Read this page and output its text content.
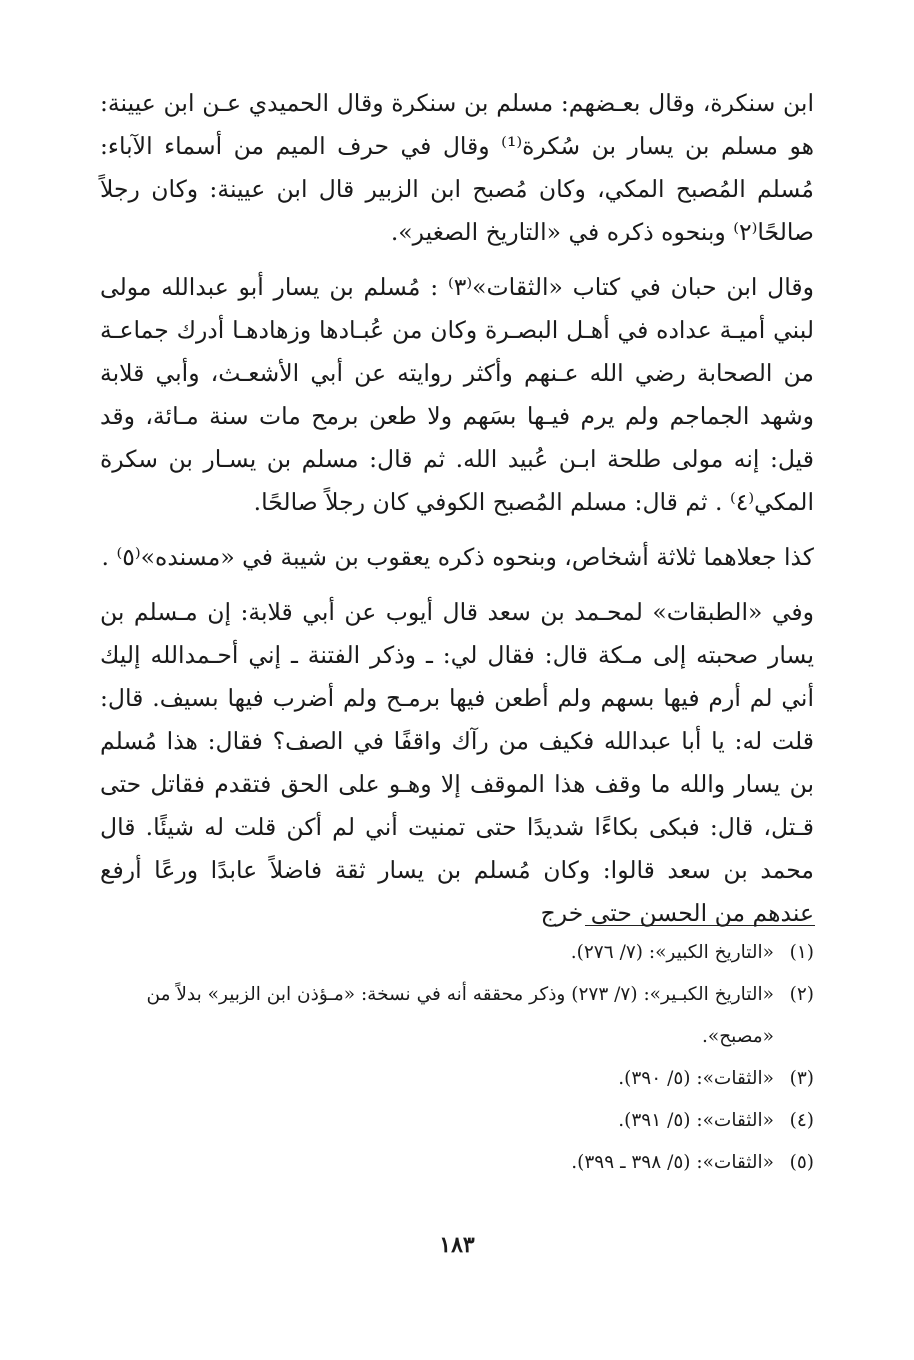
ابن سنكرة، وقال بعـضهم: مسلم بن سنكرة وقال الحميدي عـن ابن عيينة: هو مسلم بن يسار بن سُكرة⁽¹⁾ وقال في حرف الميم من أسماء الآباء: مُسلم المُصبح المكي، وكان مُصبح ابن الزبير قال ابن عيينة: وكان رجلاً صالحًا⁽٢⁾ وبنحوه ذكره في «التاريخ الصغير».

وقال ابن حبان في كتاب «الثقات»⁽٣⁾ : مُسلم بن يسار أبو عبدالله مولى لبني أميـة عداده في أهـل البصـرة وكان من عُبـادها وزهادهـا أدرك جماعـة من الصحابة رضي الله عـنهم وأكثر روايته عن أبي الأشعـث، وأبي قلابة وشهد الجماجم ولم يرم فيـها بسَهم ولا طعن برمح مات سنة مـائة، وقد قيل: إنه مولى طلحة ابـن عُبيد الله. ثم قال: مسلم بن يسـار بن سكرة المكي⁽٤⁾ . ثم قال: مسلم المُصبح الكوفي كان رجلاً صالحًا.

كذا جعلاهما ثلاثة أشخاص، وبنحوه ذكره يعقوب بن شيبة في «مسنده»⁽٥⁾ .

وفي «الطبقات» لمحـمد بن سعد قال أيوب عن أبي قلابة: إن مـسلم بن يسار صحبته إلى مـكة قال: فقال لي: ـ وذكر الفتنة ـ إني أحـمدالله إليك أني لم أرم فيها بسهم ولم أطعن فيها برمـح ولم أضرب فيها بسيف. قال: قلت له: يا أبا عبدالله فكيف من رآك واقفًا في الصف؟ فقال: هذا مُسلم بن يسار والله ما وقف هذا الموقف إلا وهـو على الحق فتقدم فقاتل حتى قـتل، قال: فبكى بكاءًا شديدًا حتى تمنيت أني لم أكن قلت له شيئًا. قال محمد بن سعد قالوا: وكان مُسلم بن يسار ثقة فاضلاً عابدًا ورعًا أرفع عندهم من الحسن حتى خرج

(١)
«التاريخ الكبير»: (٧/ ٢٧٦).
(٢)
«التاريخ الكبـير»: (٧/ ٢٧٣) وذكر محققه أنه في نسخة: «مـؤذن ابن الزبير» بدلاً من «مصبح».
(٣)
«الثقات»: (٥/ ٣٩٠).
(٤)
«الثقات»: (٥/ ٣٩١).
(٥)
«الثقات»: (٥/ ٣٩٨ ـ ٣٩٩).
١٨٣
